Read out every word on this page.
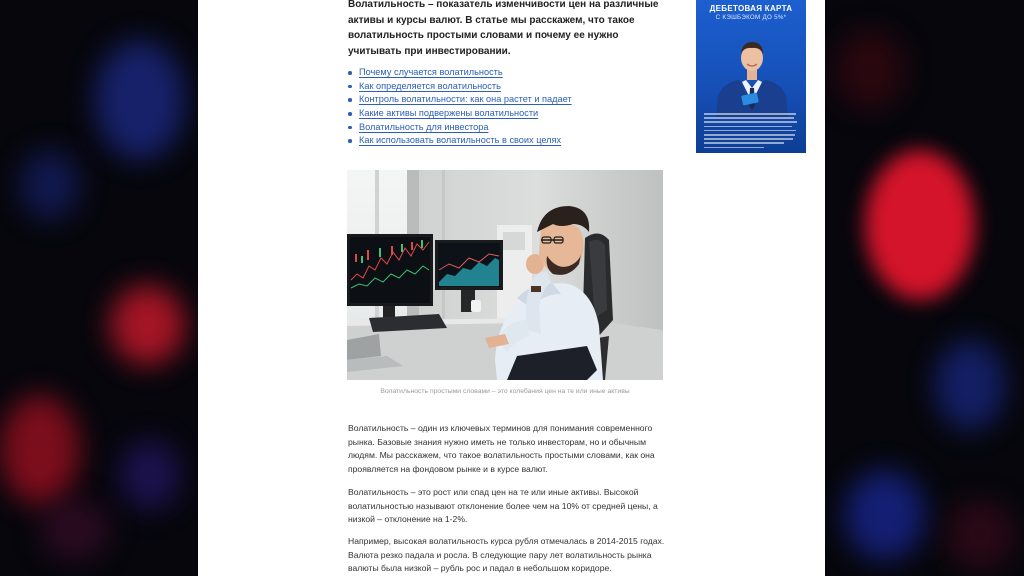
Волатильность – показатель изменчивости цен на различные активы и курсы валют. В статье мы расскажем, что такое волатильность простыми словами и почему ее нужно учитывать при инвестировании.

Почему случается волатильность
Как определяется волатильность
Контроль волатильности: как она растет и падает
Какие активы подвержены волатильности
Волатильность для инвестора
Как использовать волатильность в своих целях
ДЕБЕТОВАЯ КАРТА
С КЭШБЭКОМ ДО 5%*
Волатильность простыми словами – это колебания цен на те или иные активы

Волатильность – один из ключевых терминов для понимания современного рынка. Базовые знания нужно иметь не только инвесторам, но и обычным людям. Мы расскажем, что такое волатильность простыми словами, как она проявляется на фондовом рынке и в курсе валют.

Волатильность – это рост или спад цен на те или иные активы. Высокой волатильностью называют отклонение более чем на 10% от средней цены, а низкой – отклонение на 1-2%.

Например, высокая волатильность курса рубля отмечалась в 2014-2015 годах. Валюта резко падала и росла. В следующие пару лет волатильность рынка валюты была низкой – рубль рос и падал в небольшом коридоре.
